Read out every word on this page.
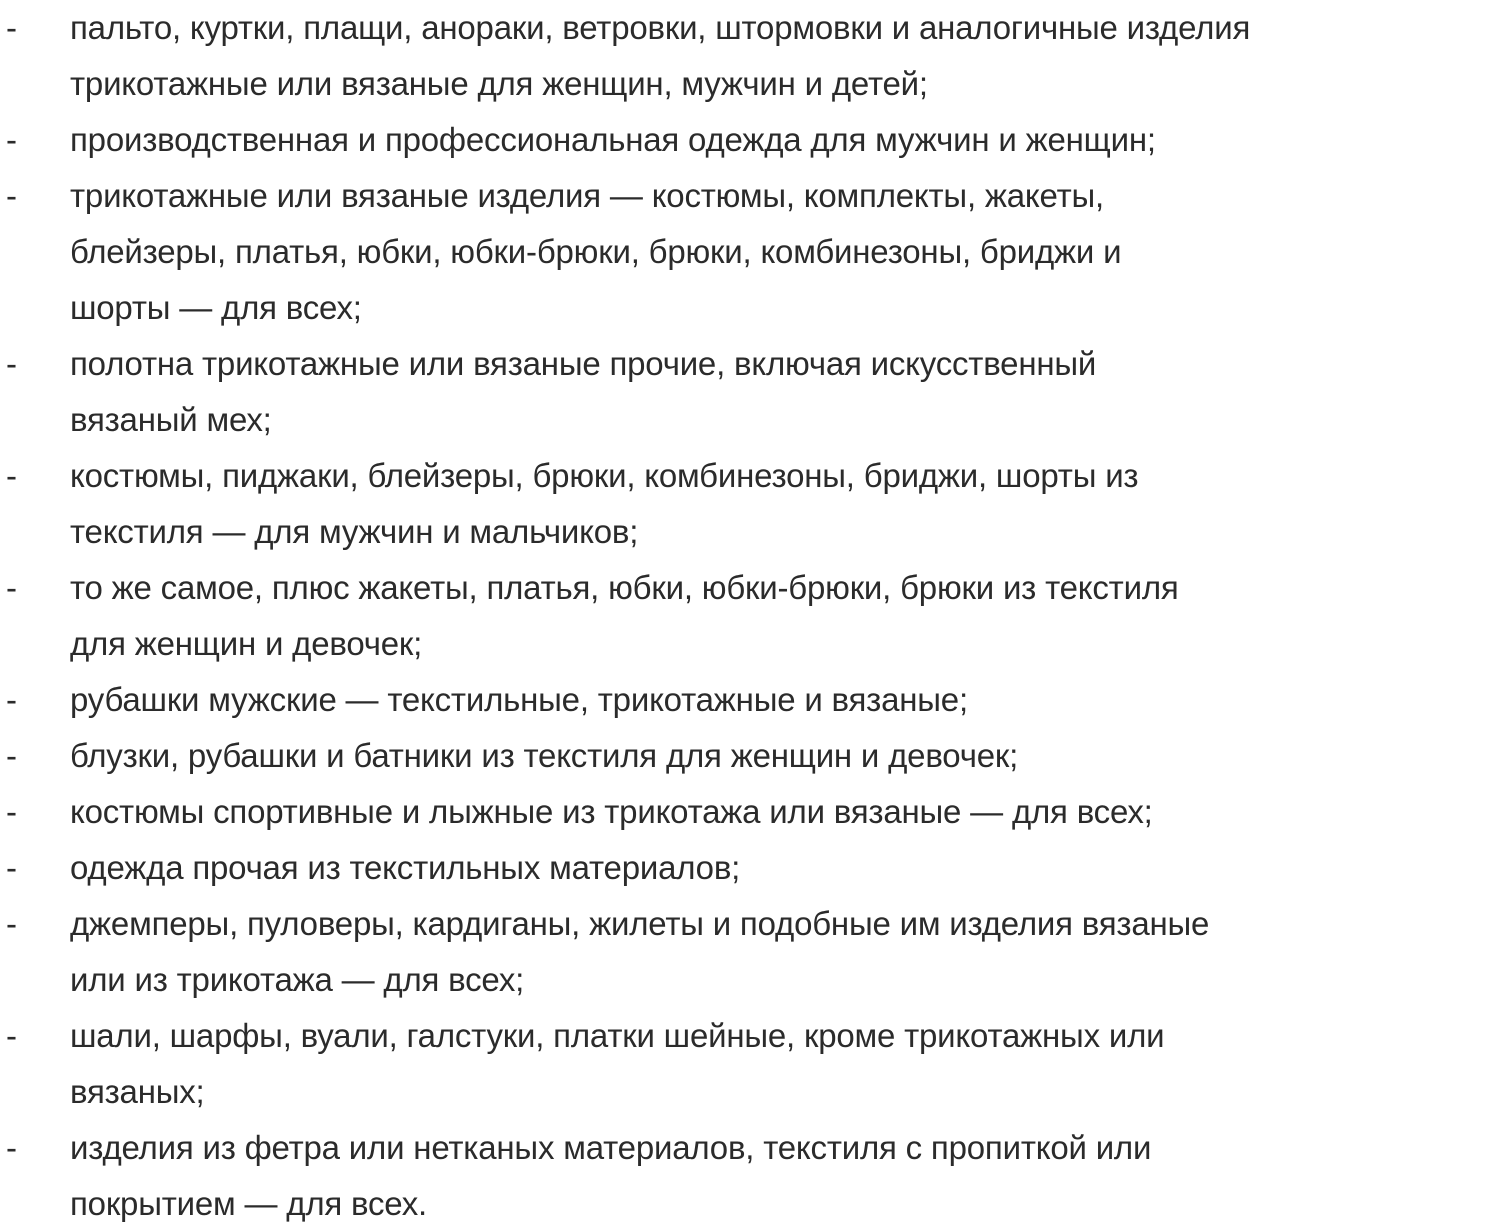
-	пальто, куртки, плащи, анораки, ветровки, штормовки и аналогичные изделия
трикотажные или вязаные для женщин, мужчин и детей;
-	производственная и профессиональная одежда для мужчин и женщин;
-	трикотажные или вязаные изделия — костюмы, комплекты, жакеты,
блейзеры, платья, юбки, юбки-брюки, брюки, комбинезоны, бриджи и
шорты — для всех;
-	полотна трикотажные или вязаные прочие, включая искусственный
вязаный мех;
-	костюмы, пиджаки, блейзеры, брюки, комбинезоны, бриджи, шорты из
текстиля — для мужчин и мальчиков;
-	то же самое, плюс жакеты, платья, юбки, юбки-брюки, брюки из текстиля
для женщин и девочек;
-	рубашки мужские — текстильные, трикотажные и вязаные;
-	блузки, рубашки и батники из текстиля для женщин и девочек;
-	костюмы спортивные и лыжные из трикотажа или вязаные — для всех;
-	одежда прочая из текстильных материалов;
-	джемперы, пуловеры, кардиганы, жилеты и подобные им изделия вязаные
или из трикотажа — для всех;
-	шали, шарфы, вуали, галстуки, платки шейные, кроме трикотажных или
вязаных;
-	изделия из фетра или нетканых материалов, текстиля с пропиткой или
покрытием — для всех.
